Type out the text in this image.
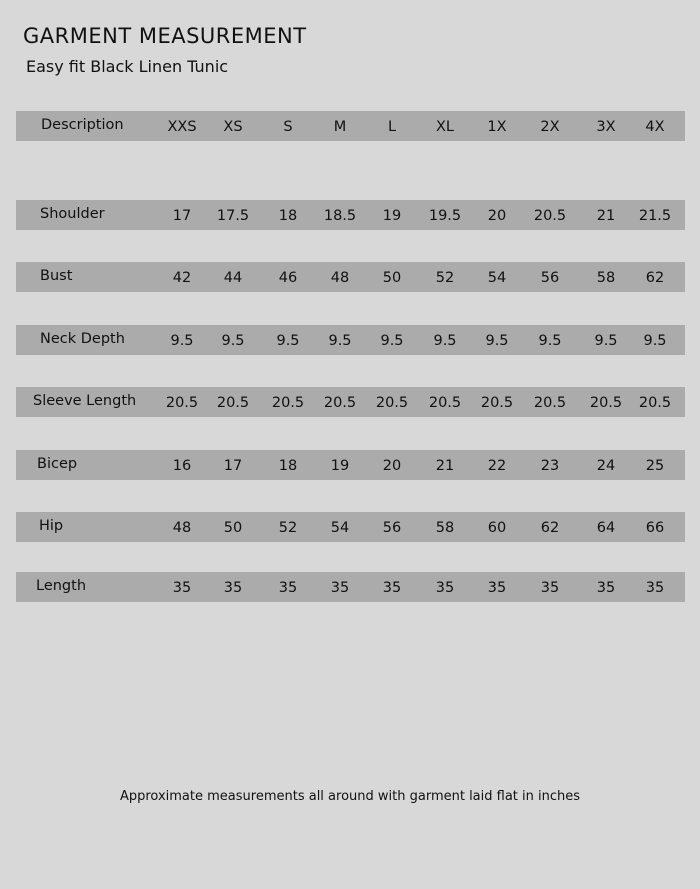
GARMENT MEASUREMENT
Easy fit Black Linen Tunic
Description	XXS	XS	S	M	L	XL	1X	2X	3X	4X
Shoulder	17	17.5	18	18.5	19	19.5	20	20.5	21	21.5
Bust	42	44	46	48	50	52	54	56	58	62
Neck Depth	9.5	9.5	9.5	9.5	9.5	9.5	9.5	9.5	9.5	9.5
Sleeve Length	20.5	20.5	20.5	20.5	20.5	20.5	20.5	20.5	20.5	20.5
Bicep	16	17	18	19	20	21	22	23	24	25
Hip	48	50	52	54	56	58	60	62	64	66
Length	35	35	35	35	35	35	35	35	35	35
Approximate measurements all around with garment laid flat in inches
